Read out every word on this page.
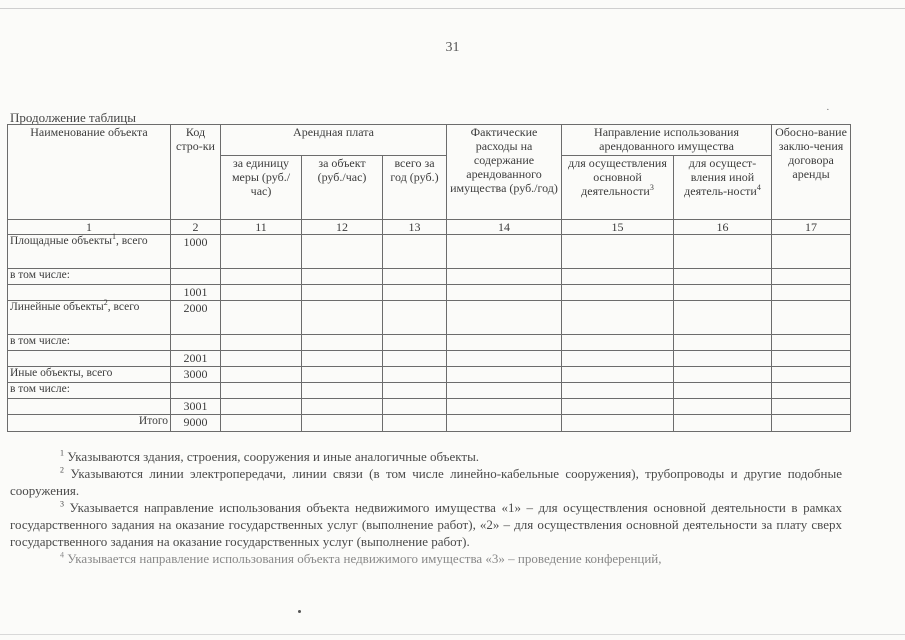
31
Продолжение таблицы	·
Наименование объекта	Код стро-ки	Арендная плата			Фактические расходы на содержание арендованного имущества (руб./год)	Направление использования арендованного имущества		Обосно-вание заклю-чения договора аренды
		за единицу меры (руб./час)	за объект (руб./час)	всего за год (руб.)		для осуществления основной деятельности$^3$	для осущест-вления иной деятель-ности$^4$
1	2	11	12	13	14	15	16	17
Площадные объекты$^1$, всего	1000							
в том числе:								
	1001							
Линейные объекты$^2$, всего	2000							
в том числе:								
	2001							
Иные объекты, всего	3000							
в том числе:								
	3001							
Итого	9000							

$^1$ Указываются здания, строения, сооружения и иные аналогичные объекты.

$^2$ Указываются линии электропередачи, линии связи (в том числе линейно-кабельные сооружения), трубопроводы и другие подобные сооружения.

$^3$ Указывается направление использования объекта недвижимого имущества «1» – для осуществления основной деятельности в рамках государственного задания на оказание государственных услуг (выполнение работ), «2» – для осуществления основной деятельности за плату сверх государственного задания на оказание государственных услуг (выполнение работ).

$^4$ Указывается направление использования объекта недвижимого имущества «3» – проведение конференций,
